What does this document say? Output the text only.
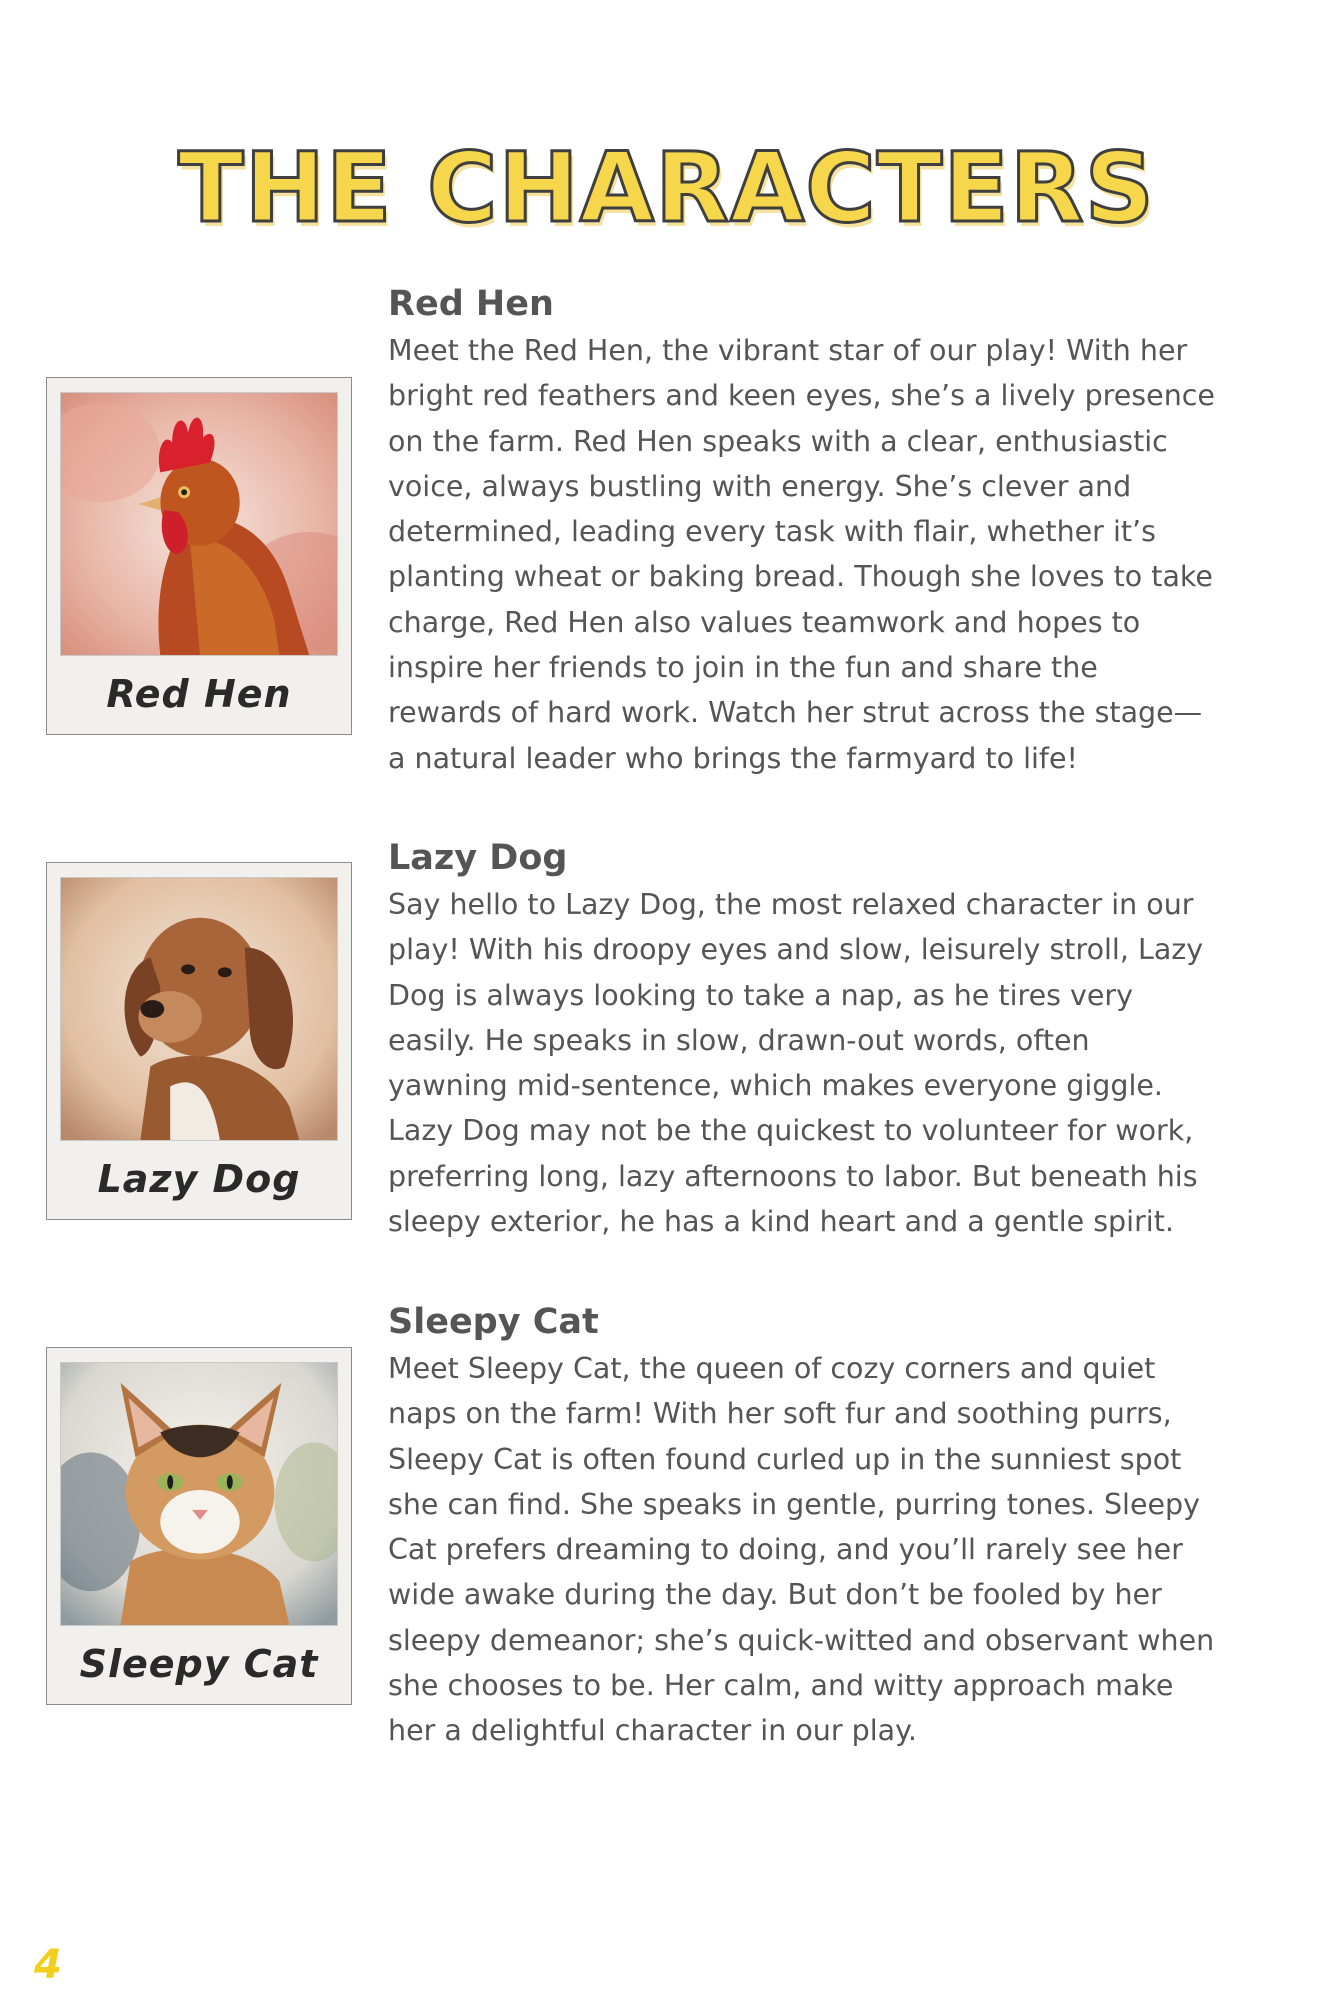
THE CHARACTERS
Red Hen
Red Hen

Meet the Red Hen, the vibrant star of our play! With her bright red feathers and keen eyes, she’s a lively presence on the farm. Red Hen speaks with a clear, enthusiastic voice, always bustling with energy. She’s clever and determined, leading every task with flair, whether it’s planting wheat or baking bread. Though she loves to take charge, Red Hen also values teamwork and hopes to inspire her friends to join in the fun and share the rewards of hard work. Watch her strut across the stage—a natural leader who brings the farmyard to life!

Lazy Dog
Lazy Dog

Say hello to Lazy Dog, the most relaxed character in our play! With his droopy eyes and slow, leisurely stroll, Lazy Dog is always looking to take a nap, as he tires very easily. He speaks in slow, drawn-out words, often yawning mid-sentence, which makes everyone giggle. Lazy Dog may not be the quickest to volunteer for work, preferring long, lazy afternoons to labor. But beneath his sleepy exterior, he has a kind heart and a gentle spirit.

Sleepy Cat
Sleepy Cat

Meet Sleepy Cat, the queen of cozy corners and quiet naps on the farm! With her soft fur and soothing purrs, Sleepy Cat is often found curled up in the sunniest spot she can find. She speaks in gentle, purring tones. Sleepy Cat prefers dreaming to doing, and you’ll rarely see her wide awake during the day. But don’t be fooled by her sleepy demeanor; she’s quick-witted and observant when she chooses to be. Her calm, and witty approach make her a delightful character in our play.

4
